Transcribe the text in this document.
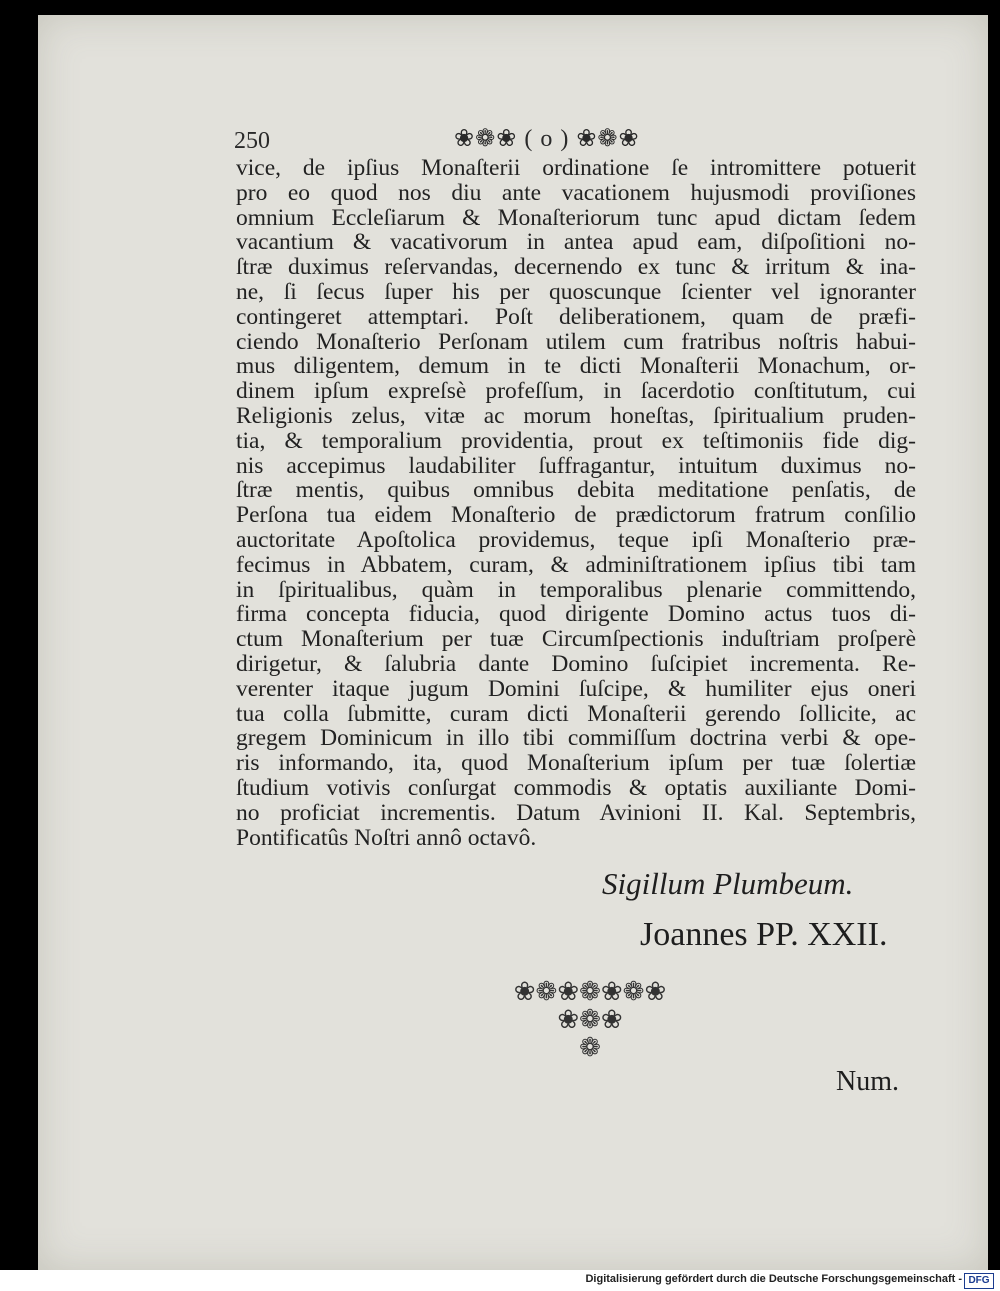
250	❀❁❀ ( o ) ❀❁❀
vice, de ipſius Monaſterii ordinatione ſe intromittere potuerit
pro eo quod nos diu ante vacationem hujusmodi proviſiones
omnium Eccleſiarum & Monaſteriorum tunc apud dictam ſedem
vacantium & vacativorum in antea apud eam, diſpoſitioni no-
ſtræ duximus reſervandas, decernendo ex tunc & irritum & ina-
ne, ſi ſecus ſuper his per quoscunque ſcienter vel ignoranter
contingeret attemptari. Poſt deliberationem, quam de præfi-
ciendo Monaſterio Perſonam utilem cum fratribus noſtris habui-
mus diligentem, demum in te dicti Monaſterii Monachum, or-
dinem ipſum expreſsè profeſſum, in ſacerdotio conſtitutum, cui
Religionis zelus, vitæ ac morum honeſtas, ſpiritualium pruden-
tia, & temporalium providentia, prout ex teſtimoniis fide dig-
nis accepimus laudabiliter ſuffragantur, intuitum duximus no-
ſtræ mentis, quibus omnibus debita meditatione penſatis, de
Perſona tua eidem Monaſterio de prædictorum fratrum conſilio
auctoritate Apoſtolica providemus, teque ipſi Monaſterio præ-
fecimus in Abbatem, curam, & adminiſtrationem ipſius tibi tam
in ſpiritualibus, quàm in temporalibus plenarie committendo,
firma concepta fiducia, quod dirigente Domino actus tuos di-
ctum Monaſterium per tuæ Circumſpectionis induſtriam proſperè
dirigetur, & ſalubria dante Domino ſuſcipiet incrementa. Re-
verenter itaque jugum Domini ſuſcipe, & humiliter ejus oneri
tua colla ſubmitte, curam dicti Monaſterii gerendo ſollicite, ac
gregem Dominicum in illo tibi commiſſum doctrina verbi & ope-
ris informando, ita, quod Monaſterium ipſum per tuæ ſolertiæ
ſtudium votivis conſurgat commodis & optatis auxiliante Domi-
no proficiat incrementis. Datum Avinioni II. Kal. Septembris,
Pontificatûs Noſtri annô octavô.
Sigillum Plumbeum.
Joannes PP. XXII.
❀❁❀❁❀❁❀
❀❁❀
❁
Num.
Digitalisierung gefördert durch die Deutsche Forschungsgemeinschaft - DFG
